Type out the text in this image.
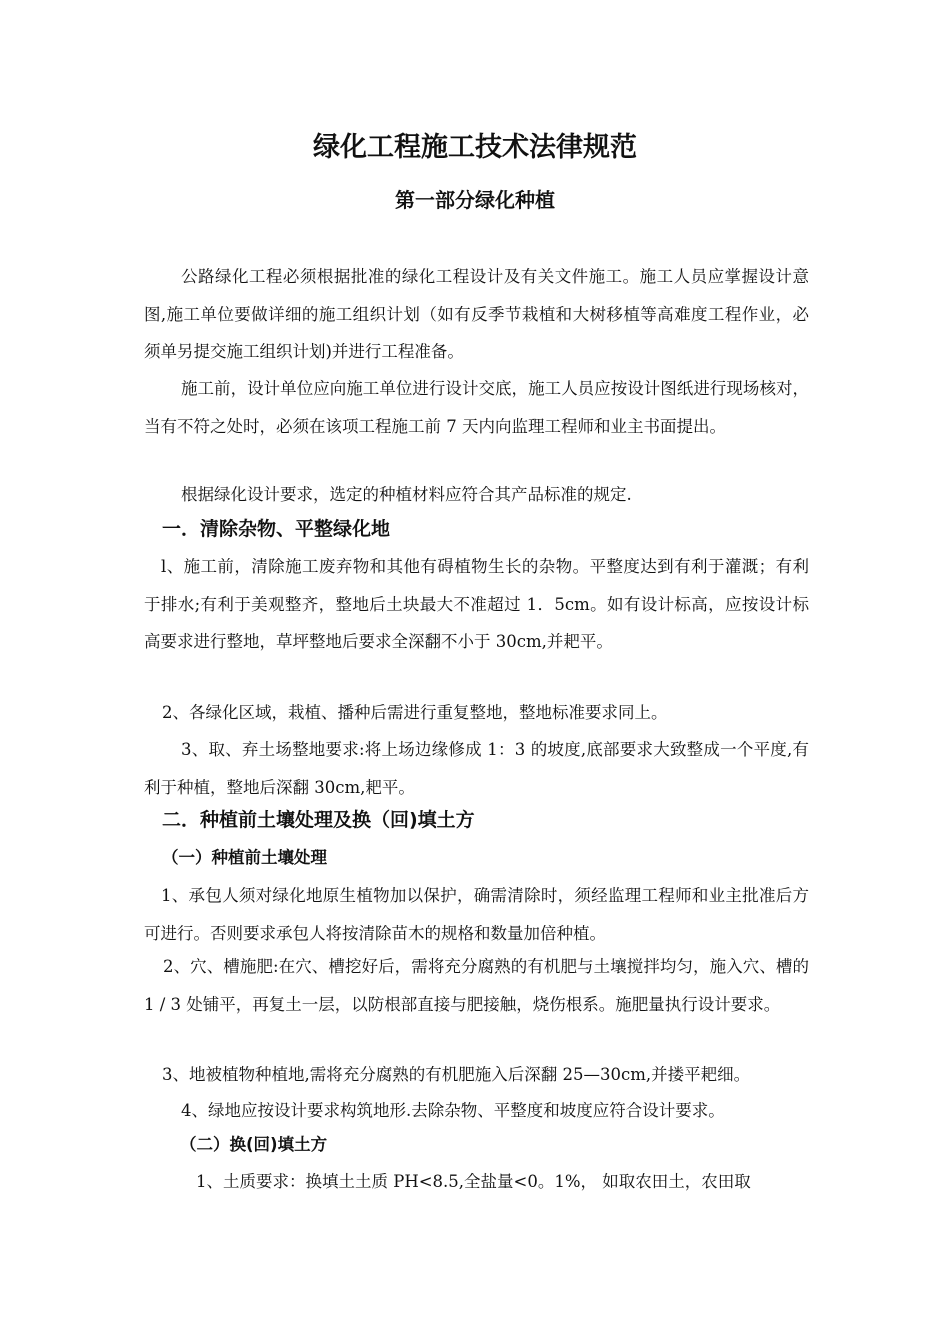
绿化工程施工技术法律规范
第一部分绿化种植

公路绿化工程必须根据批准的绿化工程设计及有关文件施工。施工人员应掌握设计意图,施工单位要做详细的施工组织计划（如有反季节栽植和大树移植等高难度工程作业，必须单另提交施工组织计划)并进行工程准备。

施工前，设计单位应向施工单位进行设计交底，施工人员应按设计图纸进行现场核对，当有不符之处时，必须在该项工程施工前 7 天内向监理工程师和业主书面提出。

根据绿化设计要求，选定的种植材料应符合其产品标准的规定.

一．清除杂物、平整绿化地

l、施工前，清除施工废弃物和其他有碍植物生长的杂物。平整度达到有利于灌溉；有利于排水;有利于美观整齐，整地后土块最大不准超过 1．5cm。如有设计标高，应按设计标高要求进行整地，草坪整地后要求全深翻不小于 30cm,并耙平。

2、各绿化区域，栽植、播种后需进行重复整地，整地标准要求同上。

3、取、弃土场整地要求:将上场边缘修成 1：3 的坡度,底部要求大致整成一个平度,有利于种植，整地后深翻 30cm,耙平。

二．种植前土壤处理及换（回)填土方
（一）种植前土壤处理

1、承包人须对绿化地原生植物加以保护，确需清除时，须经监理工程师和业主批准后方可进行。否则要求承包人将按清除苗木的规格和数量加倍种植。

2、穴、槽施肥:在穴、槽挖好后，需将充分腐熟的有机肥与土壤搅拌均匀，施入穴、槽的 1 / 3 处铺平，再复土一层，以防根部直接与肥接触，烧伤根系。施肥量执行设计要求。

3、地被植物种植地,需将充分腐熟的有机肥施入后深翻 25—30cm,并搂平耙细。
4、绿地应按设计要求构筑地形.去除杂物、平整度和坡度应符合设计要求。
（二）换(回)填土方
1、土质要求：换填土土质 PH<8.5,全盐量<0。1%， 如取农田土，农田取
